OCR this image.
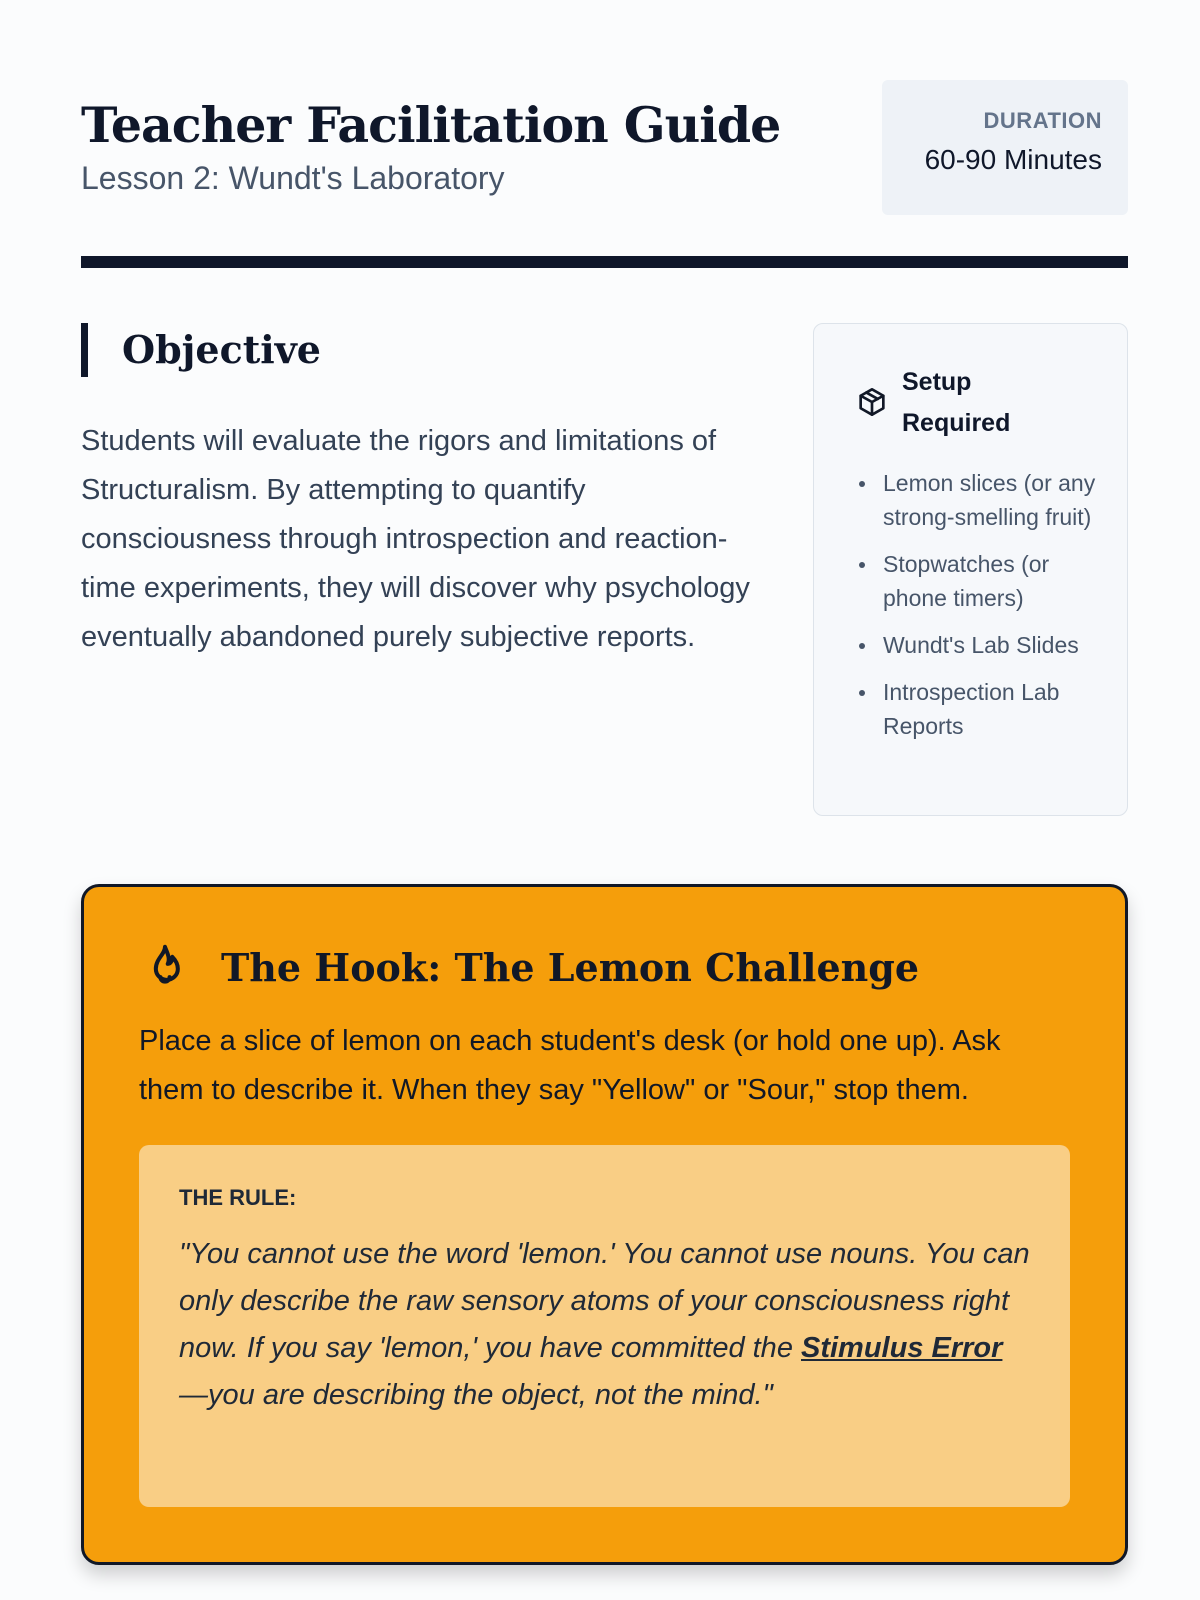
Teacher Facilitation Guide
Lesson 2: Wundt's Laboratory
DURATION
60-90 Minutes
Objective

Students will evaluate the rigors and limitations of Structuralism. By attempting to quantify consciousness through introspection and reaction-time experiments, they will discover why psychology eventually abandoned purely subjective reports.

Setup Required
Lemon slices (or any strong-smelling fruit)
Stopwatches (or phone timers)
Wundt's Lab Slides
Introspection Lab Reports
The Hook: The Lemon Challenge

Place a slice of lemon on each student's desk (or hold one up). Ask them to describe it. When they say "Yellow" or "Sour," stop them.

THE RULE:

"You cannot use the word 'lemon.' You cannot use nouns. You can only describe the raw sensory atoms of your consciousness right now. If you say 'lemon,' you have committed the Stimulus Error—you are describing the object, not the mind."
